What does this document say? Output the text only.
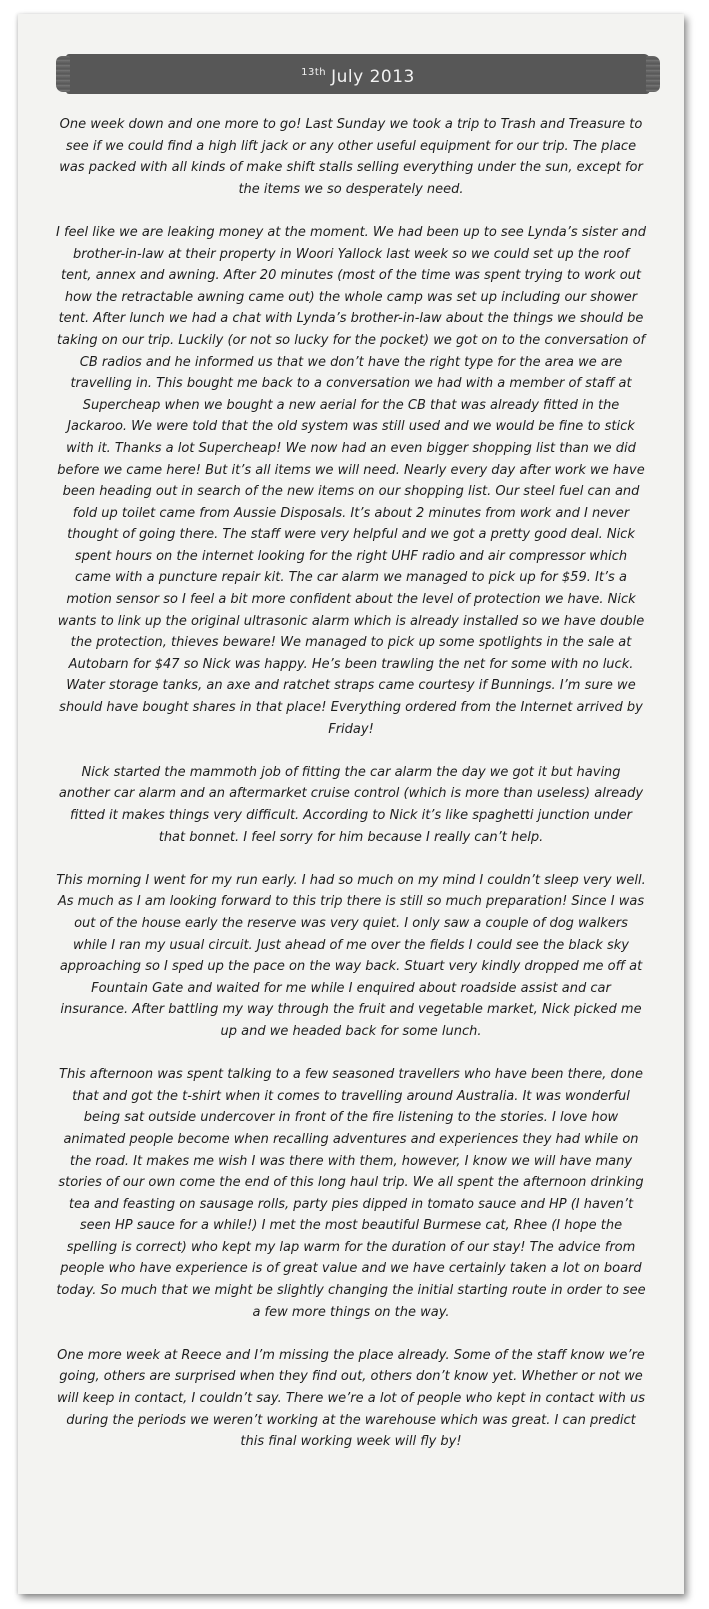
$^{13th}$ July 2013

One week down and one more to go! Last Sunday we took a trip to Trash and Treasure to see if we could find a high lift jack or any other useful equipment for our trip. The place was packed with all kinds of make shift stalls selling everything under the sun, except for the items we so desperately need.

I feel like we are leaking money at the moment. We had been up to see Lynda’s sister and brother-in-law at their property in Woori Yallock last week so we could set up the roof tent, annex and awning. After 20 minutes (most of the time was spent trying to work out how the retractable awning came out) the whole camp was set up including our shower tent. After lunch we had a chat with Lynda’s brother-in-law about the things we should be taking on our trip. Luckily (or not so lucky for the pocket) we got on to the conversation of CB radios and he informed us that we don’t have the right type for the area we are travelling in. This bought me back to a conversation we had with a member of staff at Supercheap when we bought a new aerial for the CB that was already fitted in the Jackaroo. We were told that the old system was still used and we would be fine to stick with it. Thanks a lot Supercheap! We now had an even bigger shopping list than we did before we came here! But it’s all items we will need. Nearly every day after work we have been heading out in search of the new items on our shopping list. Our steel fuel can and fold up toilet came from Aussie Disposals. It’s about 2 minutes from work and I never thought of going there. The staff were very helpful and we got a pretty good deal. Nick spent hours on the internet looking for the right UHF radio and air compressor which came with a puncture repair kit. The car alarm we managed to pick up for $59. It’s a motion sensor so I feel a bit more confident about the level of protection we have. Nick wants to link up the original ultrasonic alarm which is already installed so we have double the protection, thieves beware! We managed to pick up some spotlights in the sale at Autobarn for $47 so Nick was happy. He’s been trawling the net for some with no luck. Water storage tanks, an axe and ratchet straps came courtesy if Bunnings. I’m sure we should have bought shares in that place! Everything ordered from the Internet arrived by Friday!

Nick started the mammoth job of fitting the car alarm the day we got it but having another car alarm and an aftermarket cruise control (which is more than useless) already fitted it makes things very difficult. According to Nick it’s like spaghetti junction under that bonnet. I feel sorry for him because I really can’t help.

This morning I went for my run early. I had so much on my mind I couldn’t sleep very well. As much as I am looking forward to this trip there is still so much preparation! Since I was out of the house early the reserve was very quiet. I only saw a couple of dog walkers while I ran my usual circuit. Just ahead of me over the fields I could see the black sky approaching so I sped up the pace on the way back. Stuart very kindly dropped me off at Fountain Gate and waited for me while I enquired about roadside assist and car insurance. After battling my way through the fruit and vegetable market, Nick picked me up and we headed back for some lunch.

This afternoon was spent talking to a few seasoned travellers who have been there, done that and got the t-shirt when it comes to travelling around Australia. It was wonderful being sat outside undercover in front of the fire listening to the stories. I love how animated people become when recalling adventures and experiences they had while on the road. It makes me wish I was there with them, however, I know we will have many stories of our own come the end of this long haul trip. We all spent the afternoon drinking tea and feasting on sausage rolls, party pies dipped in tomato sauce and HP (I haven’t seen HP sauce for a while!) I met the most beautiful Burmese cat, Rhee (I hope the spelling is correct) who kept my lap warm for the duration of our stay! The advice from people who have experience is of great value and we have certainly taken a lot on board today. So much that we might be slightly changing the initial starting route in order to see a few more things on the way.

One more week at Reece and I’m missing the place already. Some of the staff know we’re going, others are surprised when they find out, others don’t know yet. Whether or not we will keep in contact, I couldn’t say. There we’re a lot of people who kept in contact with us during the periods we weren’t working at the warehouse which was great. I can predict this final working week will fly by!
